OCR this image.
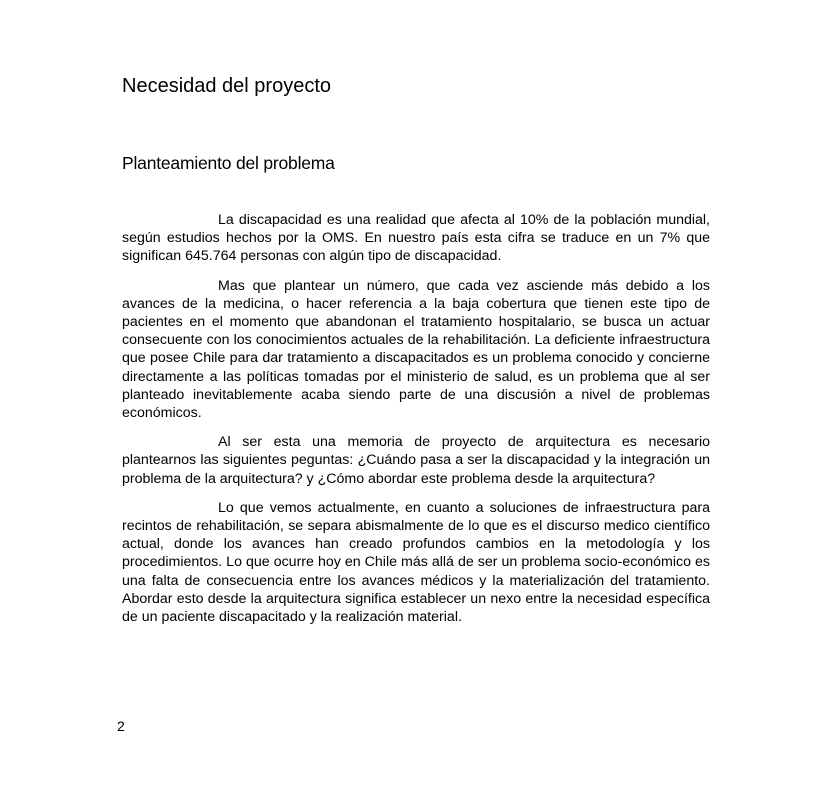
Necesidad del proyecto
Planteamiento del problema

La discapacidad es una realidad que afecta al 10% de la población mundial, según estudios hechos por la OMS. En nuestro país esta cifra se traduce en un 7% que significan 645.764 personas con algún tipo de discapacidad.

Mas que plantear un número, que cada vez asciende más debido a los avances de la medicina, o hacer referencia a la baja cobertura que tienen este tipo de pacientes en el momento que abandonan el tratamiento hospitalario, se busca un actuar consecuente con los conocimientos actuales de la rehabilitación. La deficiente infraestructura que posee Chile para dar tratamiento a discapacitados es un problema conocido y concierne directamente a las políticas tomadas por el ministerio de salud, es un problema que al ser planteado inevitablemente acaba siendo parte de una discusión a nivel de problemas económicos.

Al ser esta una memoria de proyecto de arquitectura es necesario plantearnos las siguientes peguntas: ¿Cuándo pasa a ser la discapacidad y la integración un problema de la arquitectura? y ¿Cómo abordar este problema desde la arquitectura?

Lo que vemos actualmente, en cuanto a soluciones de infraestructura para recintos de rehabilitación, se separa abismalmente de lo que es el discurso medico científico actual, donde los avances han creado profundos cambios en la metodología y los procedimientos. Lo que ocurre hoy en Chile más allá de ser un problema socio-económico es una falta de consecuencia entre los avances médicos y la materialización del tratamiento. Abordar esto desde la arquitectura significa establecer un nexo entre la necesidad específica de un paciente discapacitado y la realización material.

2
